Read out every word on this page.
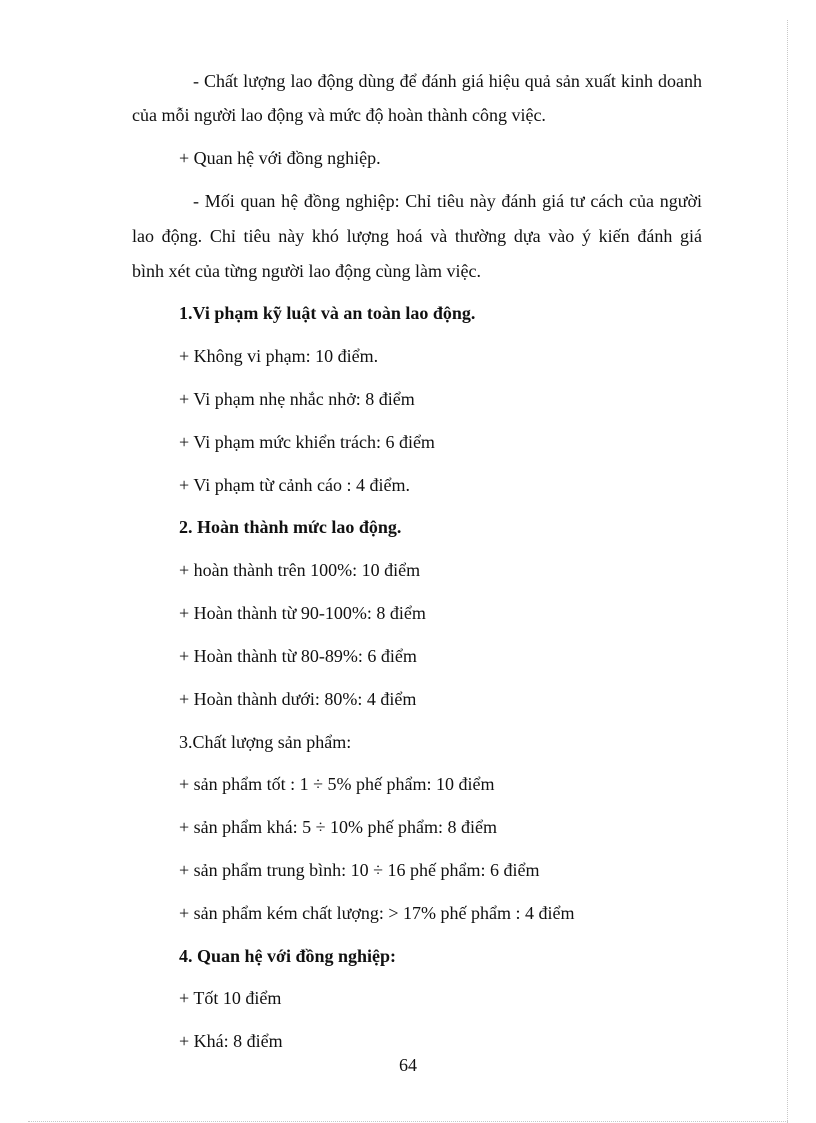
- Chất lượng lao động dùng để đánh giá hiệu quả sản xuất kinh doanh
của mỗi người lao động và mức độ hoàn thành công việc.
+ Quan hệ với đồng nghiệp.
- Mối quan hệ đồng nghiệp: Chỉ tiêu này đánh giá tư cách của người
lao động. Chỉ tiêu này khó lượng hoá và thường dựa vào ý kiến đánh giá
bình xét của từng người lao động cùng làm việc.
1.Vi phạm kỹ luật và an toàn lao động.
+ Không vi phạm: 10 điểm.
+ Vi phạm nhẹ nhắc nhở: 8 điểm
+ Vi phạm mức khiển trách: 6 điểm
+ Vi phạm từ cảnh cáo : 4 điểm.
2. Hoàn thành mức lao động.
+ hoàn thành trên 100%: 10 điểm
+ Hoàn thành từ 90-100%: 8 điểm
+ Hoàn thành từ 80-89%: 6 điểm
+ Hoàn thành dưới: 80%: 4 điểm
3.Chất lượng sản phẩm:
+ sản phẩm tốt : 1 ÷ 5% phế phẩm: 10 điểm
+ sản phẩm khá: 5 ÷ 10% phế phẩm: 8 điểm
+ sản phẩm trung bình: 10 ÷ 16 phế phẩm: 6 điểm
+ sản phẩm kém chất lượng: > 17% phế phẩm : 4 điểm
4. Quan hệ với đồng nghiệp:
+ Tốt 10 điểm
+ Khá: 8 điểm
64
